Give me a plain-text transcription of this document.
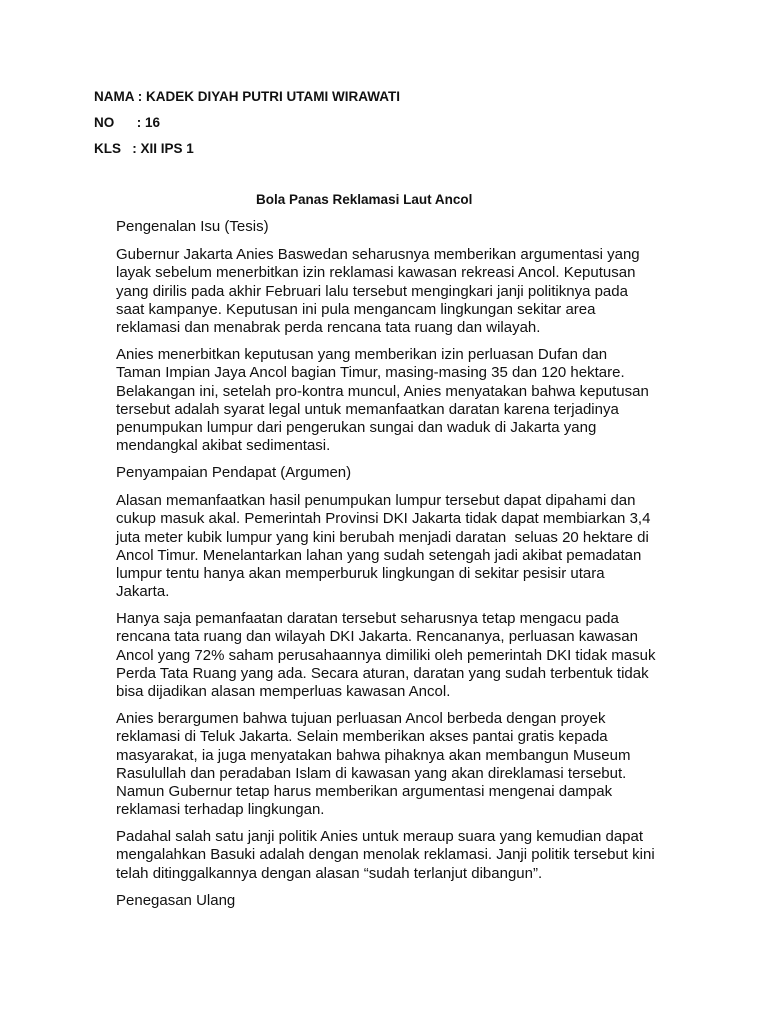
NAMA : KADEK DIYAH PUTRI UTAMI WIRAWATI
NO      : 16
KLS   : XII IPS 1
Bola Panas Reklamasi Laut Ancol
Pengenalan Isu (Tesis)
Gubernur Jakarta Anies Baswedan seharusnya memberikan argumentasi yang
layak sebelum menerbitkan izin reklamasi kawasan rekreasi Ancol. Keputusan
yang dirilis pada akhir Februari lalu tersebut mengingkari janji politiknya pada
saat kampanye. Keputusan ini pula mengancam lingkungan sekitar area
reklamasi dan menabrak perda rencana tata ruang dan wilayah.
Anies menerbitkan keputusan yang memberikan izin perluasan Dufan dan
Taman Impian Jaya Ancol bagian Timur, masing-masing 35 dan 120 hektare.
Belakangan ini, setelah pro-kontra muncul, Anies menyatakan bahwa keputusan
tersebut adalah syarat legal untuk memanfaatkan daratan karena terjadinya
penumpukan lumpur dari pengerukan sungai dan waduk di Jakarta yang
mendangkal akibat sedimentasi.
Penyampaian Pendapat (Argumen)
Alasan memanfaatkan hasil penumpukan lumpur tersebut dapat dipahami dan
cukup masuk akal. Pemerintah Provinsi DKI Jakarta tidak dapat membiarkan 3,4
juta meter kubik lumpur yang kini berubah menjadi daratan  seluas 20 hektare di
Ancol Timur. Menelantarkan lahan yang sudah setengah jadi akibat pemadatan
lumpur tentu hanya akan memperburuk lingkungan di sekitar pesisir utara
Jakarta.
Hanya saja pemanfaatan daratan tersebut seharusnya tetap mengacu pada
rencana tata ruang dan wilayah DKI Jakarta. Rencananya, perluasan kawasan
Ancol yang 72% saham perusahaannya dimiliki oleh pemerintah DKI tidak masuk
Perda Tata Ruang yang ada. Secara aturan, daratan yang sudah terbentuk tidak
bisa dijadikan alasan memperluas kawasan Ancol.
Anies berargumen bahwa tujuan perluasan Ancol berbeda dengan proyek
reklamasi di Teluk Jakarta. Selain memberikan akses pantai gratis kepada
masyarakat, ia juga menyatakan bahwa pihaknya akan membangun Museum
Rasulullah dan peradaban Islam di kawasan yang akan direklamasi tersebut.
Namun Gubernur tetap harus memberikan argumentasi mengenai dampak
reklamasi terhadap lingkungan.
Padahal salah satu janji politik Anies untuk meraup suara yang kemudian dapat
mengalahkan Basuki adalah dengan menolak reklamasi. Janji politik tersebut kini
telah ditinggalkannya dengan alasan “sudah terlanjut dibangun”.
Penegasan Ulang
